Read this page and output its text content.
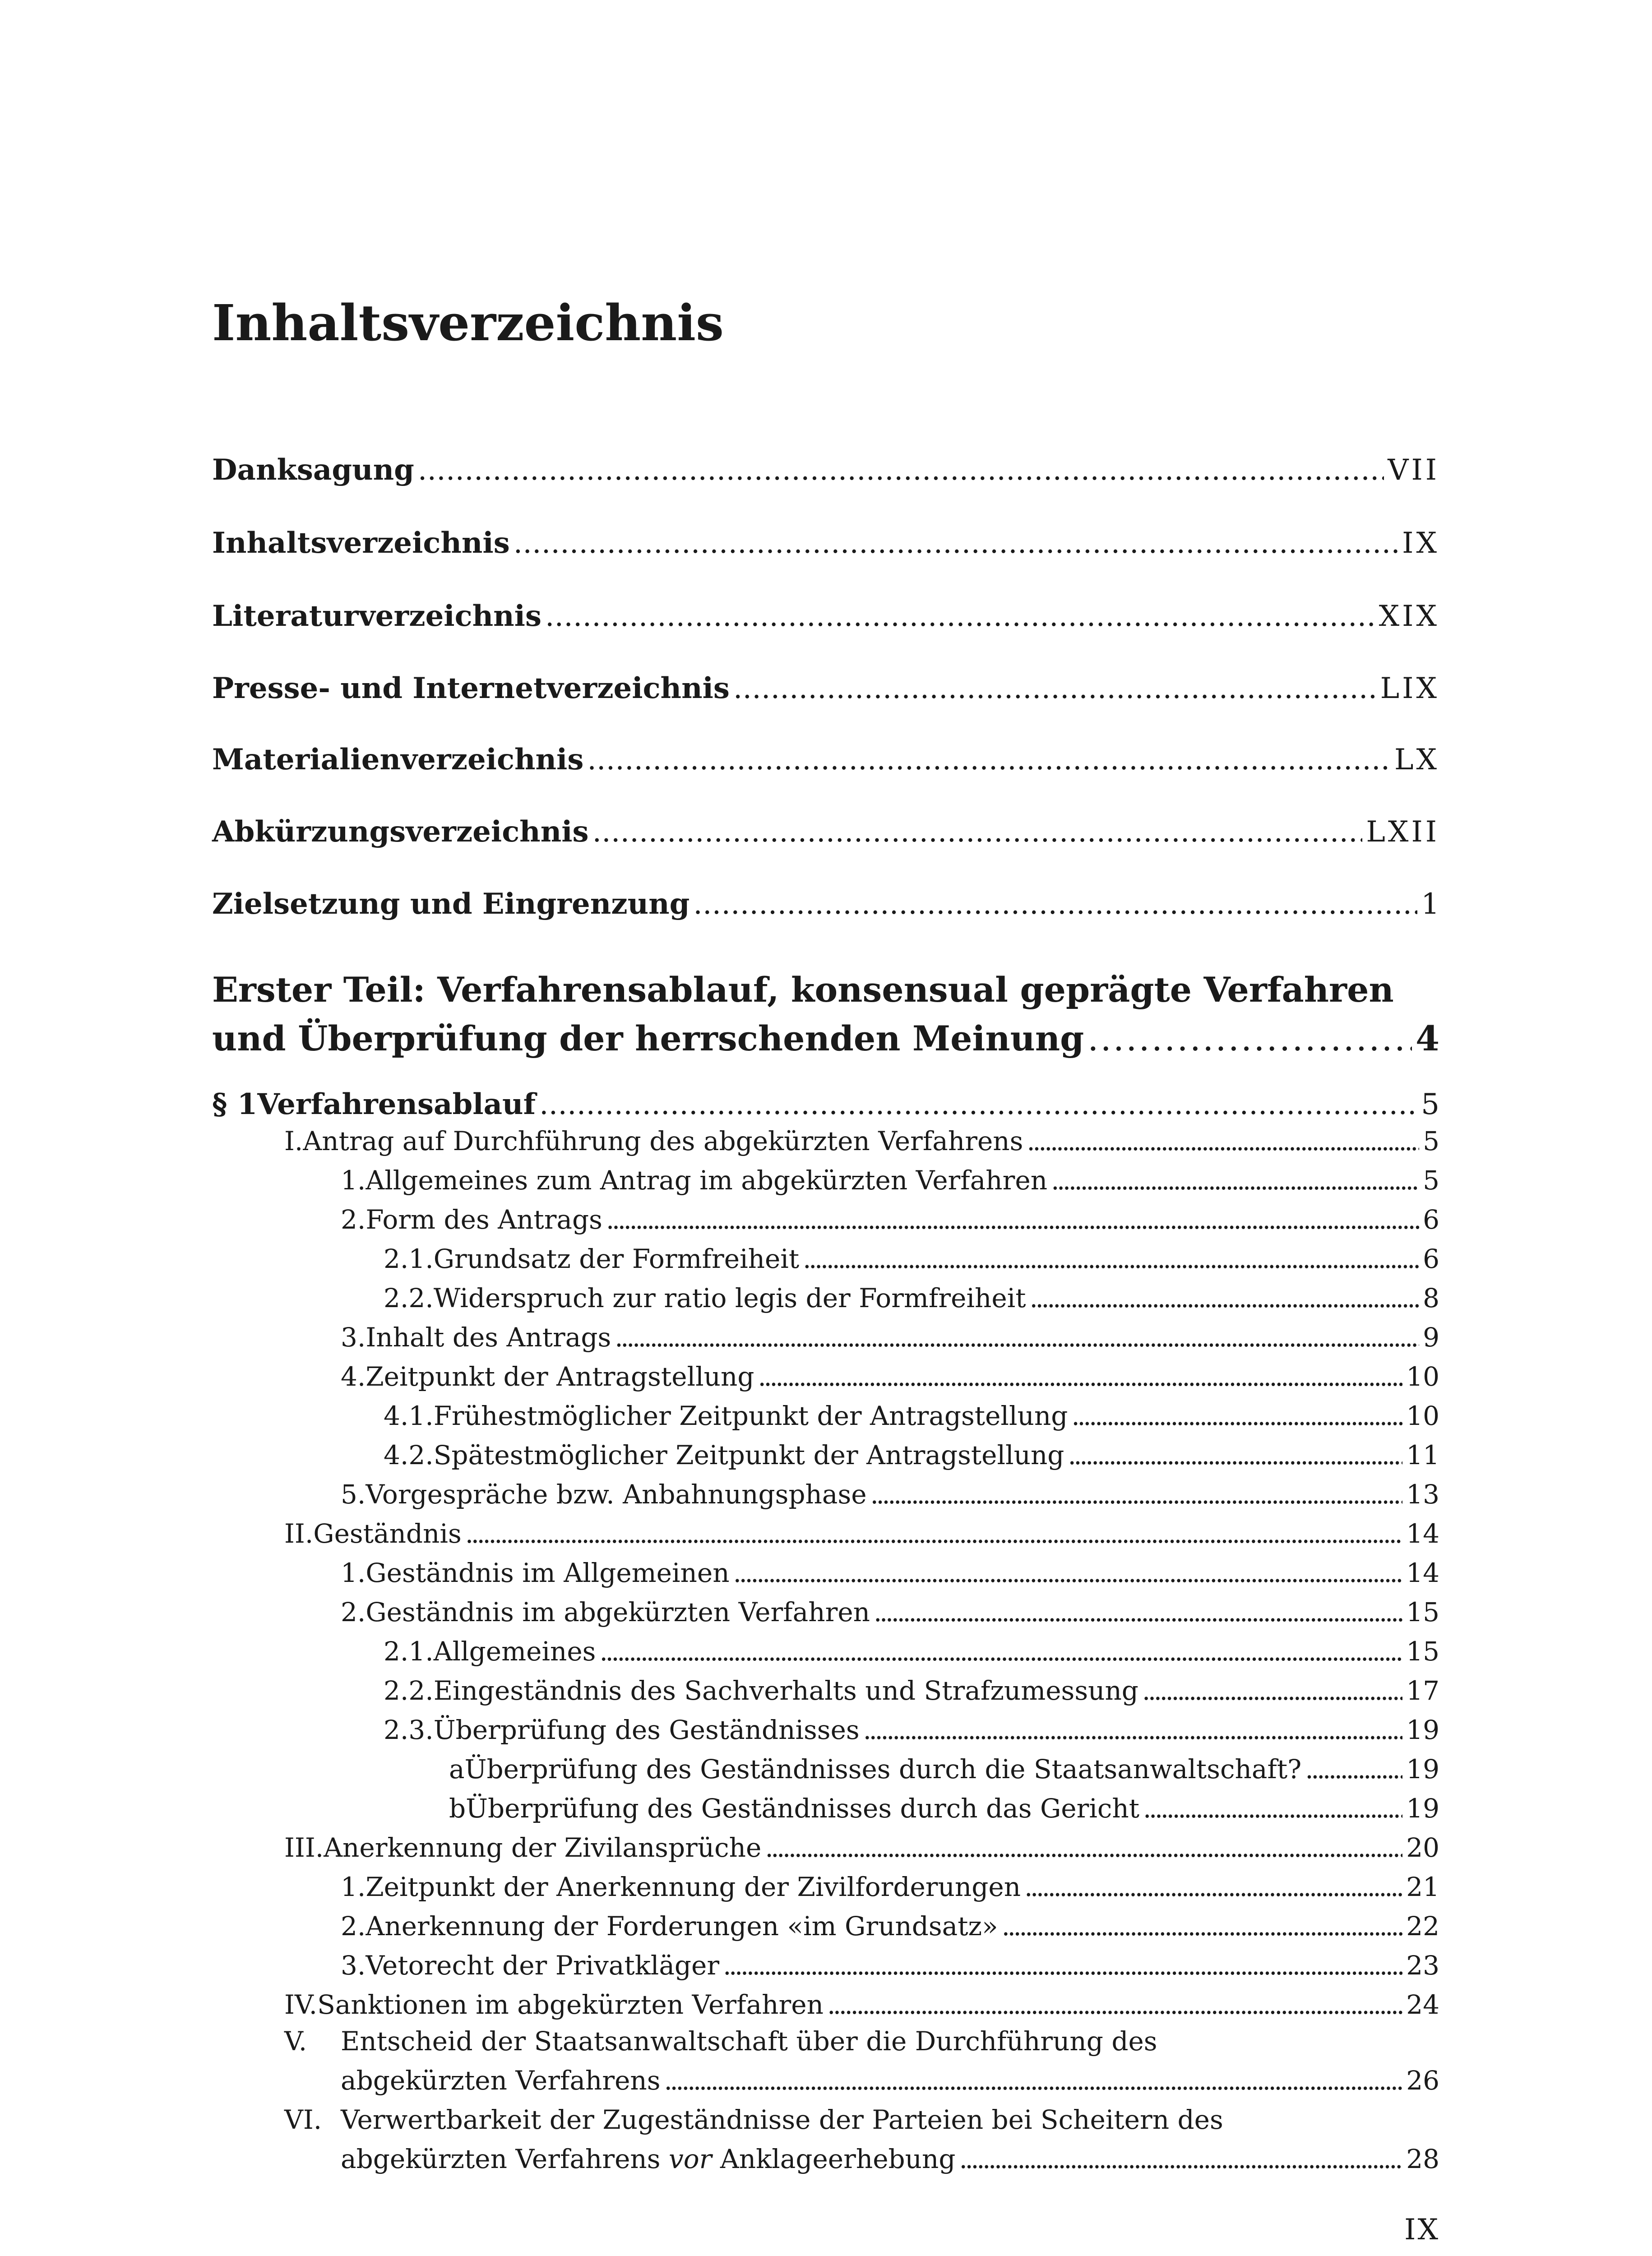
Inhaltsverzeichnis
Danksagung . . .	VII
Inhaltsverzeichnis . . .	IX
Literaturverzeichnis . . .	XIX
Presse- und Internetverzeichnis . . .	LIX
Materialienverzeichnis . . .	LX
Abkürzungsverzeichnis . . .	LXII
Zielsetzung und Eingrenzung . . .	1
Erster Teil: Verfahrensablauf, konsensual geprägte Verfahren
und Überprüfung der herrschenden Meinung . . .	4
§ 1 Verfahrensablauf . . .	5
I. Antrag auf Durchführung des abgekürzten Verfahrens . . .	5
1. Allgemeines zum Antrag im abgekürzten Verfahren . . .	5
2. Form des Antrags . . .	6
2.1. Grundsatz der Formfreiheit . . .	6
2.2. Widerspruch zur ratio legis der Formfreiheit . . .	8
3. Inhalt des Antrags . . .	9
4. Zeitpunkt der Antragstellung . . .	10
4.1. Frühestmöglicher Zeitpunkt der Antragstellung . . .	10
4.2. Spätestmöglicher Zeitpunkt der Antragstellung . . .	11
5. Vorgespräche bzw. Anbahnungsphase . . .	13
II. Geständnis . . .	14
1. Geständnis im Allgemeinen . . .	14
2. Geständnis im abgekürzten Verfahren . . .	15
2.1. Allgemeines . . .	15
2.2. Eingeständnis des Sachverhalts und Strafzumessung . . .	17
2.3. Überprüfung des Geständnisses . . .	19
a Überprüfung des Geständnisses durch die Staatsanwaltschaft? . . .	19
b Überprüfung des Geständnisses durch das Gericht . . .	19
III. Anerkennung der Zivilansprüche . . .	20
1. Zeitpunkt der Anerkennung der Zivilforderungen . . .	21
2. Anerkennung der Forderungen «im Grundsatz» . . .	22
3. Vetorecht der Privatkläger . . .	23
IV. Sanktionen im abgekürzten Verfahren . . .	24
V.	Entscheid der Staatsanwaltschaft über die Durchführung des
abgekürzten Verfahrens . . .	26
VI. Verwertbarkeit der Zugeständnisse der Parteien bei Scheitern des
abgekürzten Verfahrens vor Anklageerhebung . . .	28
IX
